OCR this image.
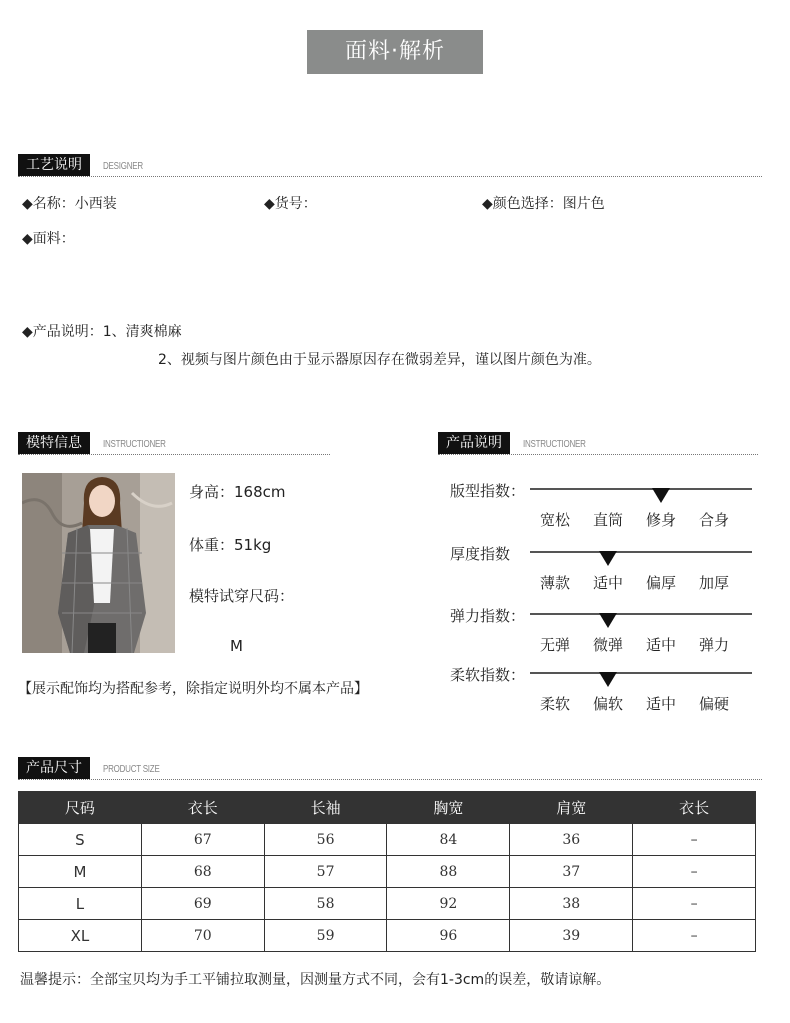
面料·解析
工艺说明	DESIGNER
◆名称：小西装	◆货号：	◆颜色选择：图片色
◆面料：
◆产品说明：1、清爽棉麻
2、视频与图片颜色由于显示器原因存在微弱差异，谨以图片颜色为准。
模特信息	INSTRUCTIONER
身高：168cm
体重：51kg
模特试穿尺码：
M
【展示配饰均为搭配参考，除指定说明外均不属本产品】
产品说明	INSTRUCTIONER
版型指数：
宽松 直筒 修身 合身
厚度指数
薄款 适中 偏厚 加厚
弹力指数：
无弹 微弹 适中 弹力
柔软指数：
柔软 偏软 适中 偏硬
产品尺寸	PRODUCT SIZE
尺码	衣长	长袖	胸宽	肩宽	衣长
S	67	56	84	36	–
M	68	57	88	37	–
L	69	58	92	38	–
XL	70	59	96	39	–
温馨提示：全部宝贝均为手工平铺拉取测量，因测量方式不同，会有1-3cm的误差，敬请谅解。
